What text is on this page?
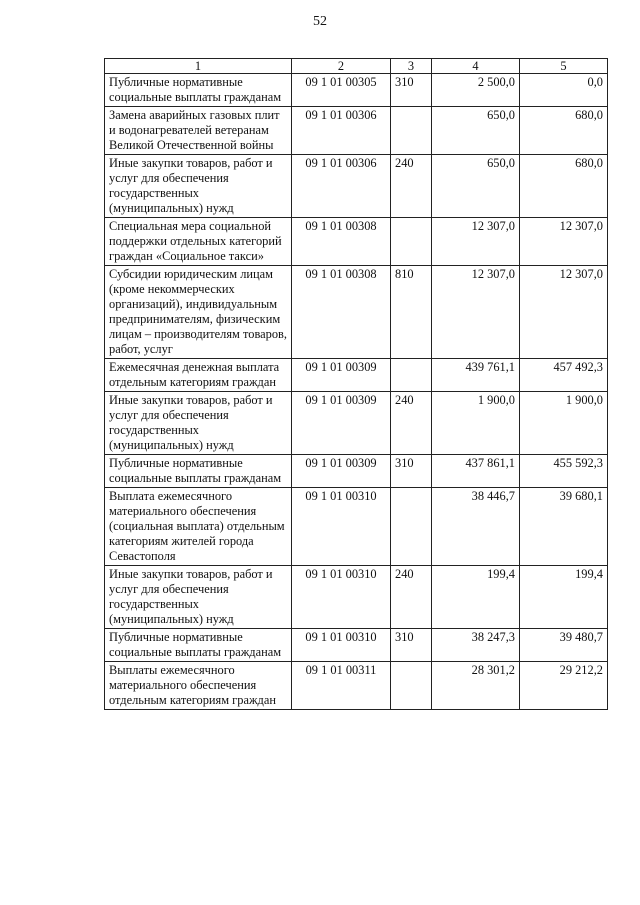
52
1	2	3	4	5
Публичные нормативные социальные выплаты гражданам	09 1 01 00305	310	2 500,0	0,0
Замена аварийных газовых плит и водонагревателей ветеранам Великой Отечественной войны	09 1 01 00306		650,0	680,0
Иные закупки товаров, работ и услуг для обеспечения государственных (муниципальных) нужд	09 1 01 00306	240	650,0	680,0
Специальная мера социальной поддержки отдельных категорий граждан «Социальное такси»	09 1 01 00308		12 307,0	12 307,0
Субсидии юридическим лицам (кроме некоммерческих организаций), индивидуальным предпринимателям, физическим лицам – производителям товаров, работ, услуг	09 1 01 00308	810	12 307,0	12 307,0
Ежемесячная денежная выплата отдельным категориям граждан	09 1 01 00309		439 761,1	457 492,3
Иные закупки товаров, работ и услуг для обеспечения государственных (муниципальных) нужд	09 1 01 00309	240	1 900,0	1 900,0
Публичные нормативные социальные выплаты гражданам	09 1 01 00309	310	437 861,1	455 592,3
Выплата ежемесячного материального обеспечения (социальная выплата) отдельным категориям жителей города Севастополя	09 1 01 00310		38 446,7	39 680,1
Иные закупки товаров, работ и услуг для обеспечения государственных (муниципальных) нужд	09 1 01 00310	240	199,4	199,4
Публичные нормативные социальные выплаты гражданам	09 1 01 00310	310	38 247,3	39 480,7
Выплаты ежемесячного материального обеспечения отдельным категориям граждан	09 1 01 00311		28 301,2	29 212,2
